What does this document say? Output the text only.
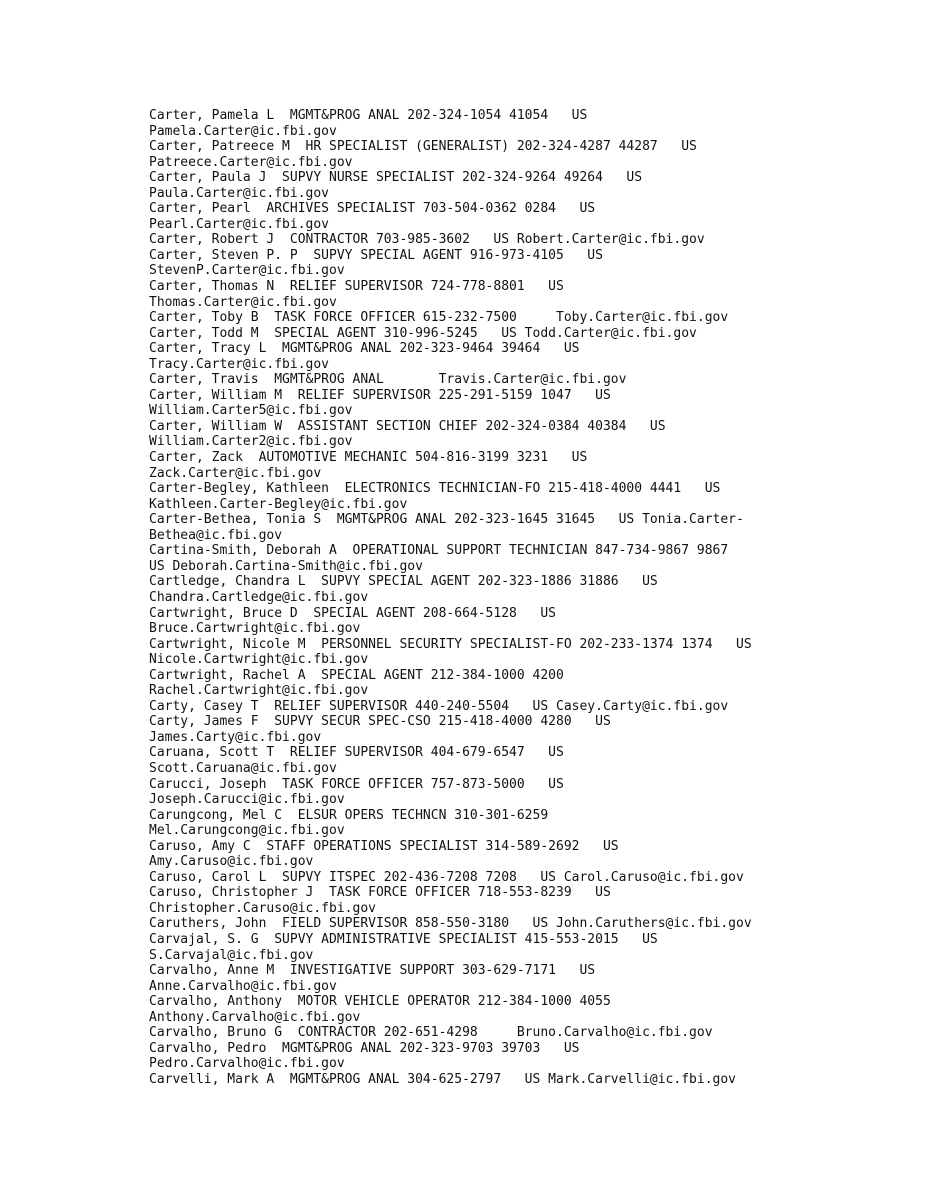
Carter, Pamela L  MGMT&PROG ANAL 202-324-1054 41054   US
Pamela.Carter@ic.fbi.gov
Carter, Patreece M  HR SPECIALIST (GENERALIST) 202-324-4287 44287   US
Patreece.Carter@ic.fbi.gov
Carter, Paula J  SUPVY NURSE SPECIALIST 202-324-9264 49264   US
Paula.Carter@ic.fbi.gov
Carter, Pearl  ARCHIVES SPECIALIST 703-504-0362 0284   US
Pearl.Carter@ic.fbi.gov
Carter, Robert J  CONTRACTOR 703-985-3602   US Robert.Carter@ic.fbi.gov
Carter, Steven P. P  SUPVY SPECIAL AGENT 916-973-4105   US
StevenP.Carter@ic.fbi.gov
Carter, Thomas N  RELIEF SUPERVISOR 724-778-8801   US
Thomas.Carter@ic.fbi.gov
Carter, Toby B  TASK FORCE OFFICER 615-232-7500     Toby.Carter@ic.fbi.gov
Carter, Todd M  SPECIAL AGENT 310-996-5245   US Todd.Carter@ic.fbi.gov
Carter, Tracy L  MGMT&PROG ANAL 202-323-9464 39464   US
Tracy.Carter@ic.fbi.gov
Carter, Travis  MGMT&PROG ANAL       Travis.Carter@ic.fbi.gov
Carter, William M  RELIEF SUPERVISOR 225-291-5159 1047   US
William.Carter5@ic.fbi.gov
Carter, William W  ASSISTANT SECTION CHIEF 202-324-0384 40384   US
William.Carter2@ic.fbi.gov
Carter, Zack  AUTOMOTIVE MECHANIC 504-816-3199 3231   US
Zack.Carter@ic.fbi.gov
Carter-Begley, Kathleen  ELECTRONICS TECHNICIAN-FO 215-418-4000 4441   US
Kathleen.Carter-Begley@ic.fbi.gov
Carter-Bethea, Tonia S  MGMT&PROG ANAL 202-323-1645 31645   US Tonia.Carter-
Bethea@ic.fbi.gov
Cartina-Smith, Deborah A  OPERATIONAL SUPPORT TECHNICIAN 847-734-9867 9867
US Deborah.Cartina-Smith@ic.fbi.gov
Cartledge, Chandra L  SUPVY SPECIAL AGENT 202-323-1886 31886   US
Chandra.Cartledge@ic.fbi.gov
Cartwright, Bruce D  SPECIAL AGENT 208-664-5128   US
Bruce.Cartwright@ic.fbi.gov
Cartwright, Nicole M  PERSONNEL SECURITY SPECIALIST-FO 202-233-1374 1374   US
Nicole.Cartwright@ic.fbi.gov
Cartwright, Rachel A  SPECIAL AGENT 212-384-1000 4200
Rachel.Cartwright@ic.fbi.gov
Carty, Casey T  RELIEF SUPERVISOR 440-240-5504   US Casey.Carty@ic.fbi.gov
Carty, James F  SUPVY SECUR SPEC-CSO 215-418-4000 4280   US
James.Carty@ic.fbi.gov
Caruana, Scott T  RELIEF SUPERVISOR 404-679-6547   US
Scott.Caruana@ic.fbi.gov
Carucci, Joseph  TASK FORCE OFFICER 757-873-5000   US
Joseph.Carucci@ic.fbi.gov
Carungcong, Mel C  ELSUR OPERS TECHNCN 310-301-6259
Mel.Carungcong@ic.fbi.gov
Caruso, Amy C  STAFF OPERATIONS SPECIALIST 314-589-2692   US
Amy.Caruso@ic.fbi.gov
Caruso, Carol L  SUPVY ITSPEC 202-436-7208 7208   US Carol.Caruso@ic.fbi.gov
Caruso, Christopher J  TASK FORCE OFFICER 718-553-8239   US
Christopher.Caruso@ic.fbi.gov
Caruthers, John  FIELD SUPERVISOR 858-550-3180   US John.Caruthers@ic.fbi.gov
Carvajal, S. G  SUPVY ADMINISTRATIVE SPECIALIST 415-553-2015   US
S.Carvajal@ic.fbi.gov
Carvalho, Anne M  INVESTIGATIVE SUPPORT 303-629-7171   US
Anne.Carvalho@ic.fbi.gov
Carvalho, Anthony  MOTOR VEHICLE OPERATOR 212-384-1000 4055
Anthony.Carvalho@ic.fbi.gov
Carvalho, Bruno G  CONTRACTOR 202-651-4298     Bruno.Carvalho@ic.fbi.gov
Carvalho, Pedro  MGMT&PROG ANAL 202-323-9703 39703   US
Pedro.Carvalho@ic.fbi.gov
Carvelli, Mark A  MGMT&PROG ANAL 304-625-2797   US Mark.Carvelli@ic.fbi.gov
